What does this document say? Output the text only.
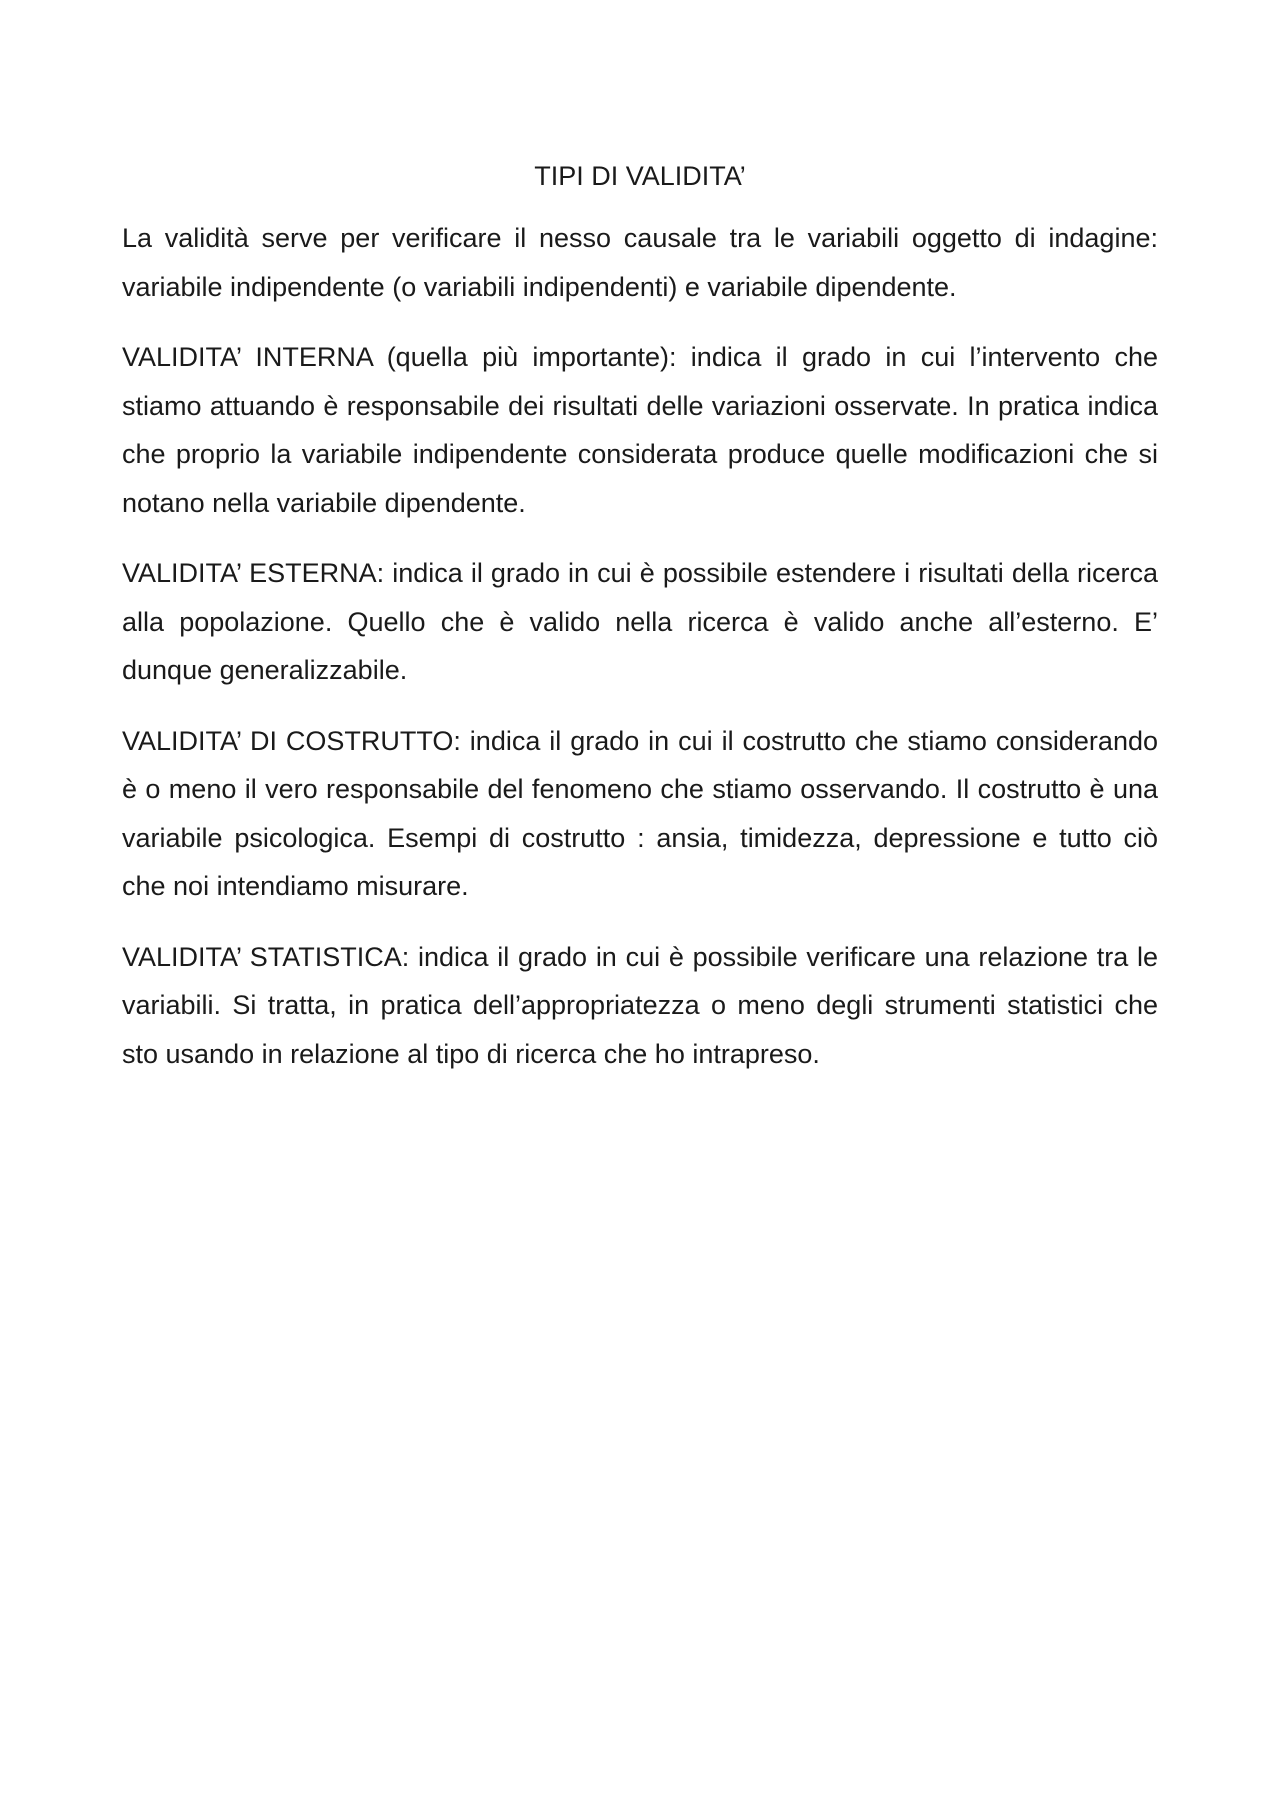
TIPI DI VALIDITA’

La validità serve per verificare il nesso causale tra le variabili oggetto di indagine: variabile indipendente (o variabili indipendenti) e variabile dipendente.

VALIDITA’ INTERNA (quella più importante): indica il grado in cui l’intervento che stiamo attuando è responsabile dei risultati delle variazioni osservate. In pratica indica che proprio la variabile indipendente considerata produce quelle modificazioni che si notano nella variabile dipendente.

VALIDITA’ ESTERNA: indica il grado in cui è possibile estendere i risultati della ricerca alla popolazione. Quello che è valido nella ricerca è valido anche all’esterno. E’ dunque generalizzabile.

VALIDITA’ DI COSTRUTTO: indica il grado in cui il costrutto che stiamo considerando è o meno il vero responsabile del fenomeno che stiamo osservando. Il costrutto è una variabile psicologica. Esempi di costrutto : ansia, timidezza, depressione e tutto ciò che noi intendiamo misurare.

VALIDITA’ STATISTICA: indica il grado in cui è possibile verificare una relazione tra le variabili. Si tratta, in pratica dell’appropriatezza o meno degli strumenti statistici che sto usando in relazione al tipo di ricerca che ho intrapreso.
